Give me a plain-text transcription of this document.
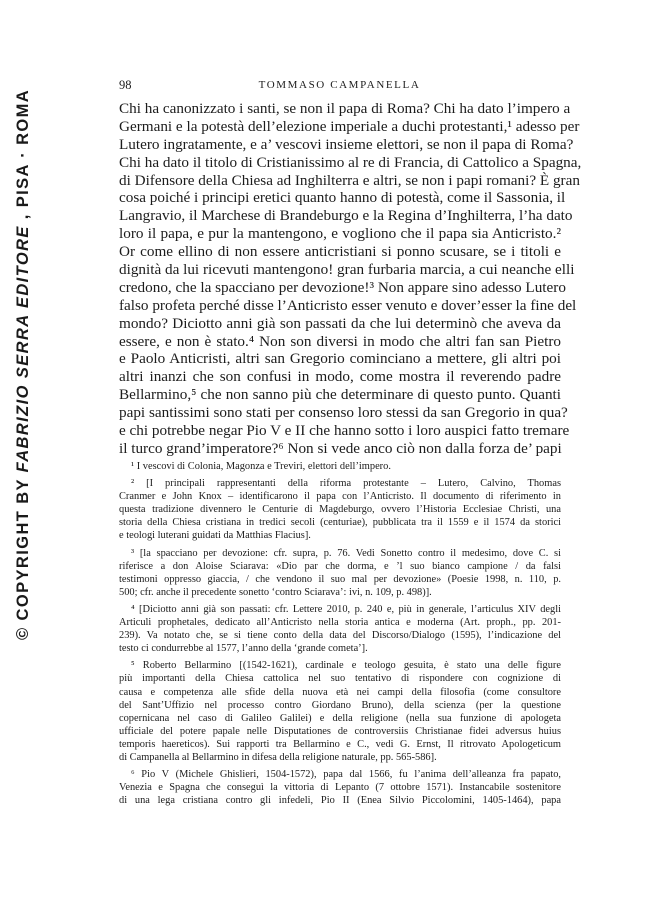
© COPYRIGHT BY FABRIZIO SERRA EDITORE , PISA · ROMA
98	TOMMASO CAMPANELLA
Chi ha canonizzato i santi, se non il papa di Roma? Chi ha dato l’impero a
Germani e la potestà dell’elezione imperiale a duchi protestanti,¹ adesso per
Lutero ingratamente, e a’ vescovi insieme elettori, se non il papa di Roma?
Chi ha dato il titolo di Cristianissimo al re di Francia, di Cattolico a Spagna,
di Difensore della Chiesa ad Inghilterra e altri, se non i papi romani? È gran
cosa poiché i principi eretici quanto hanno di potestà, come il Sassonia, il
Langravio, il Marchese di Brandeburgo e la Regina d’Inghilterra, l’ha dato
loro il papa, e pur la mantengono, e vogliono che il papa sia Anticristo.²
Or come ellino di non essere anticristiani si ponno scusare, se i titoli e
dignità da lui ricevuti mantengono! gran furbaria marcia, a cui neanche elli
credono, che la spacciano per devozione!³ Non appare sino adesso Lutero
falso profeta perché disse l’Anticristo esser venuto e dover’esser la fine del
mondo? Diciotto anni già son passati da che lui determinò che aveva da
essere, e non è stato.⁴ Non son diversi in modo che altri fan san Pietro
e Paolo Anticristi, altri san Gregorio cominciano a mettere, gli altri poi
altri inanzi che son confusi in modo, come mostra il reverendo padre
Bellarmino,⁵ che non sanno più che determinare di questo punto. Quanti
papi santissimi sono stati per consenso loro stessi da san Gregorio in qua?
e chi potrebbe negar Pio V e II che hanno sotto i loro auspici fatto tremare
il turco grand’imperatore?⁶ Non si vede anco ciò non dalla forza de’ papi
¹ I vescovi di Colonia, Magonza e Treviri, elettori dell’impero.
² [I principali rappresentanti della riforma protestante – Lutero, Calvino, Thomas
Cranmer e John Knox – identificarono il papa con l’Anticristo. Il documento di riferimento in
questa tradizione divennero le Centurie di Magdeburgo, ovvero l’Historia Ecclesiae Christi, una
storia della Chiesa cristiana in tredici secoli (centuriae), pubblicata tra il 1559 e il 1574 da storici
e teologi luterani guidati da Matthias Flacius].
³ [la spacciano per devozione: cfr. supra, p. 76. Vedi Sonetto contro il medesimo, dove C. si
riferisce a don Aloise Sciarava: «Dio par che dorma, e ’l suo bianco campione / da falsi
testimoni oppresso giaccia, / che vendono il suo mal per devozione» (Poesie 1998, n. 110, p.
500; cfr. anche il precedente sonetto ‘contro Sciarava’: ivi, n. 109, p. 498)].
⁴ [Diciotto anni già son passati: cfr. Lettere 2010, p. 240 e, più in generale, l’articulus XIV degli
Articuli prophetales, dedicato all’Anticristo nella storia antica e moderna (Art. proph., pp. 201-
239). Va notato che, se si tiene conto della data del Discorso/Dialogo (1595), l’indicazione del
testo ci condurrebbe al 1577, l’anno della ‘grande cometa’].
⁵ Roberto Bellarmino [(1542-1621), cardinale e teologo gesuita, è stato una delle figure
più importanti della Chiesa cattolica nel suo tentativo di rispondere con cognizione di
causa e competenza alle sfide della nuova età nei campi della filosofia (come consultore
del Sant’Uffizio nel processo contro Giordano Bruno), della scienza (per la questione
copernicana nel caso di Galileo Galilei) e della religione (nella sua funzione di apologeta
ufficiale del potere papale nelle Disputationes de controversiis Christianae fidei adversus huius
temporis haereticos). Sui rapporti tra Bellarmino e C., vedi G. Ernst, Il ritrovato Apologeticum
di Campanella al Bellarmino in difesa della religione naturale, pp. 565-586].
⁶ Pio V (Michele Ghislieri, 1504-1572), papa dal 1566, fu l’anima dell’alleanza fra papato,
Venezia e Spagna che conseguì la vittoria di Lepanto (7 ottobre 1571). Instancabile sostenitore
di una lega cristiana contro gli infedeli, Pio II (Enea Silvio Piccolomini, 1405-1464), papa
